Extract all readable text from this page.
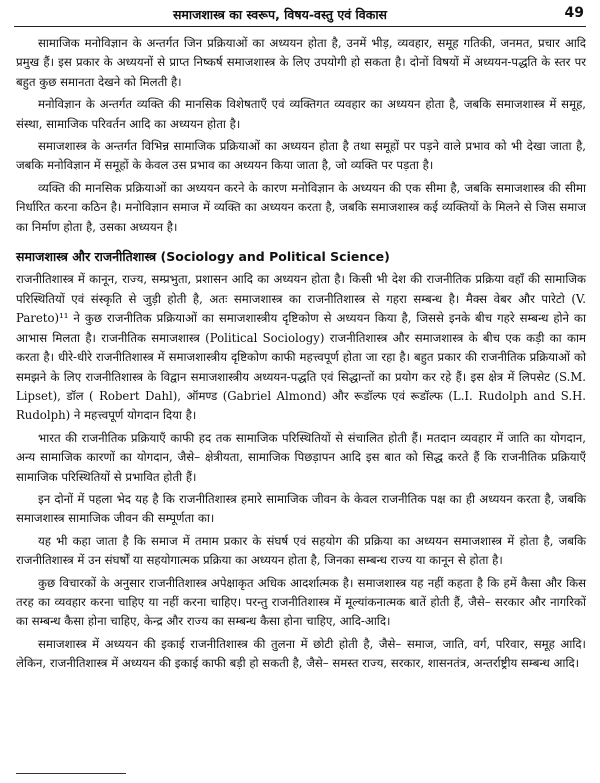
समाजशास्त्र का स्वरूप, विषय-वस्तु एवं विकास	49

सामाजिक मनोविज्ञान के अन्तर्गत जिन प्रक्रियाओं का अध्ययन होता है, उनमें भीड़, व्यवहार, समूह गतिकी, जनमत, प्रचार आदि प्रमुख हैं। इस प्रकार के अध्ययनों से प्राप्त निष्कर्ष समाजशास्त्र के लिए उपयोगी हो सकता है। दोनों विषयों में अध्ययन-पद्धति के स्तर पर बहुत कुछ समानता देखने को मिलती है।

मनोविज्ञान के अन्तर्गत व्यक्ति की मानसिक विशेषताएँ एवं व्यक्तिगत व्यवहार का अध्ययन होता है, जबकि समाजशास्त्र में समूह, संस्था, सामाजिक परिवर्तन आदि का अध्ययन होता है।

समाजशास्त्र के अन्तर्गत विभिन्न सामाजिक प्रक्रियाओं का अध्ययन होता है तथा समूहों पर पड़ने वाले प्रभाव को भी देखा जाता है, जबकि मनोविज्ञान में समूहों के केवल उस प्रभाव का अध्ययन किया जाता है, जो व्यक्ति पर पड़ता है।

व्यक्ति की मानसिक प्रक्रियाओं का अध्ययन करने के कारण मनोविज्ञान के अध्ययन की एक सीमा है, जबकि समाजशास्त्र की सीमा निर्धारित करना कठिन है। मनोविज्ञान समाज में व्यक्ति का अध्ययन करता है, जबकि समाजशास्त्र कई व्यक्तियों के मिलने से जिस समाज का निर्माण होता है, उसका अध्ययन है।

समाजशास्त्र और राजनीतिशास्त्र (Sociology and Political Science)

राजनीतिशास्त्र में कानून, राज्य, सम्प्रभुता, प्रशासन आदि का अध्ययन होता है। किसी भी देश की राजनीतिक प्रक्रिया वहाँ की सामाजिक परिस्थितियों एवं संस्कृति से जुड़ी होती है, अतः समाजशास्त्र का राजनीतिशास्त्र से गहरा सम्बन्ध है। मैक्स वेबर और पारेटो (V. Pareto)¹¹ ने कुछ राजनीतिक प्रक्रियाओं का समाजशास्त्रीय दृष्टिकोण से अध्ययन किया है, जिससे इनके बीच गहरे सम्बन्ध होने का आभास मिलता है। राजनीतिक समाजशास्त्र (Political Sociology) राजनीतिशास्त्र और समाजशास्त्र के बीच एक कड़ी का काम करता है। धीरे-धीरे राजनीतिशास्त्र में समाजशास्त्रीय दृष्टिकोण काफी महत्त्वपूर्ण होता जा रहा है। बहुत प्रकार की राजनीतिक प्रक्रियाओं को समझने के लिए राजनीतिशास्त्र के विद्वान समाजशास्त्रीय अध्ययन-पद्धति एवं सिद्धान्तों का प्रयोग कर रहे हैं। इस क्षेत्र में लिपसेट (S.M. Lipset), डॉल ( Robert Dahl), ऑमण्ड (Gabriel Almond) और रूडॉल्फ एवं रूडॉल्फ (L.I. Rudolph and S.H. Rudolph) ने महत्त्वपूर्ण योगदान दिया है।

भारत की राजनीतिक प्रक्रियाएँ काफी हद तक सामाजिक परिस्थितियों से संचालित होती हैं। मतदान व्यवहार में जाति का योगदान, अन्य सामाजिक कारणों का योगदान, जैसे– क्षेत्रीयता, सामाजिक पिछड़ापन आदि इस बात को सिद्ध करते हैं कि राजनीतिक प्रक्रियाएँ सामाजिक परिस्थितियों से प्रभावित होती हैं।

इन दोनों में पहला भेद यह है कि राजनीतिशास्त्र हमारे सामाजिक जीवन के केवल राजनीतिक पक्ष का ही अध्ययन करता है, जबकि समाजशास्त्र सामाजिक जीवन की सम्पूर्णता का।

यह भी कहा जाता है कि समाज में तमाम प्रकार के संघर्ष एवं सहयोग की प्रक्रिया का अध्ययन समाजशास्त्र में होता है, जबकि राजनीतिशास्त्र में उन संघर्षों या सहयोगात्मक प्रक्रिया का अध्ययन होता है, जिनका सम्बन्ध राज्य या कानून से होता है।

कुछ विचारकों के अनुसार राजनीतिशास्त्र अपेक्षाकृत अधिक आदर्शात्मक है। समाजशास्त्र यह नहीं कहता है कि हमें कैसा और किस तरह का व्यवहार करना चाहिए या नहीं करना चाहिए। परन्तु राजनीतिशास्त्र में मूल्यांकनात्मक बातें होती हैं, जैसे– सरकार और नागरिकों का सम्बन्ध कैसा होना चाहिए, केन्द्र और राज्य का सम्बन्ध कैसा होना चाहिए, आदि-आदि।

समाजशास्त्र में अध्ययन की इकाई राजनीतिशास्त्र की तुलना में छोटी होती है, जैसे– समाज, जाति, वर्ग, परिवार, समूह आदि। लेकिन, राजनीतिशास्त्र में अध्ययन की इकाई काफी बड़ी हो सकती है, जैसे– समस्त राज्य, सरकार, शासनतंत्र, अन्तर्राष्ट्रीय सम्बन्ध आदि।
